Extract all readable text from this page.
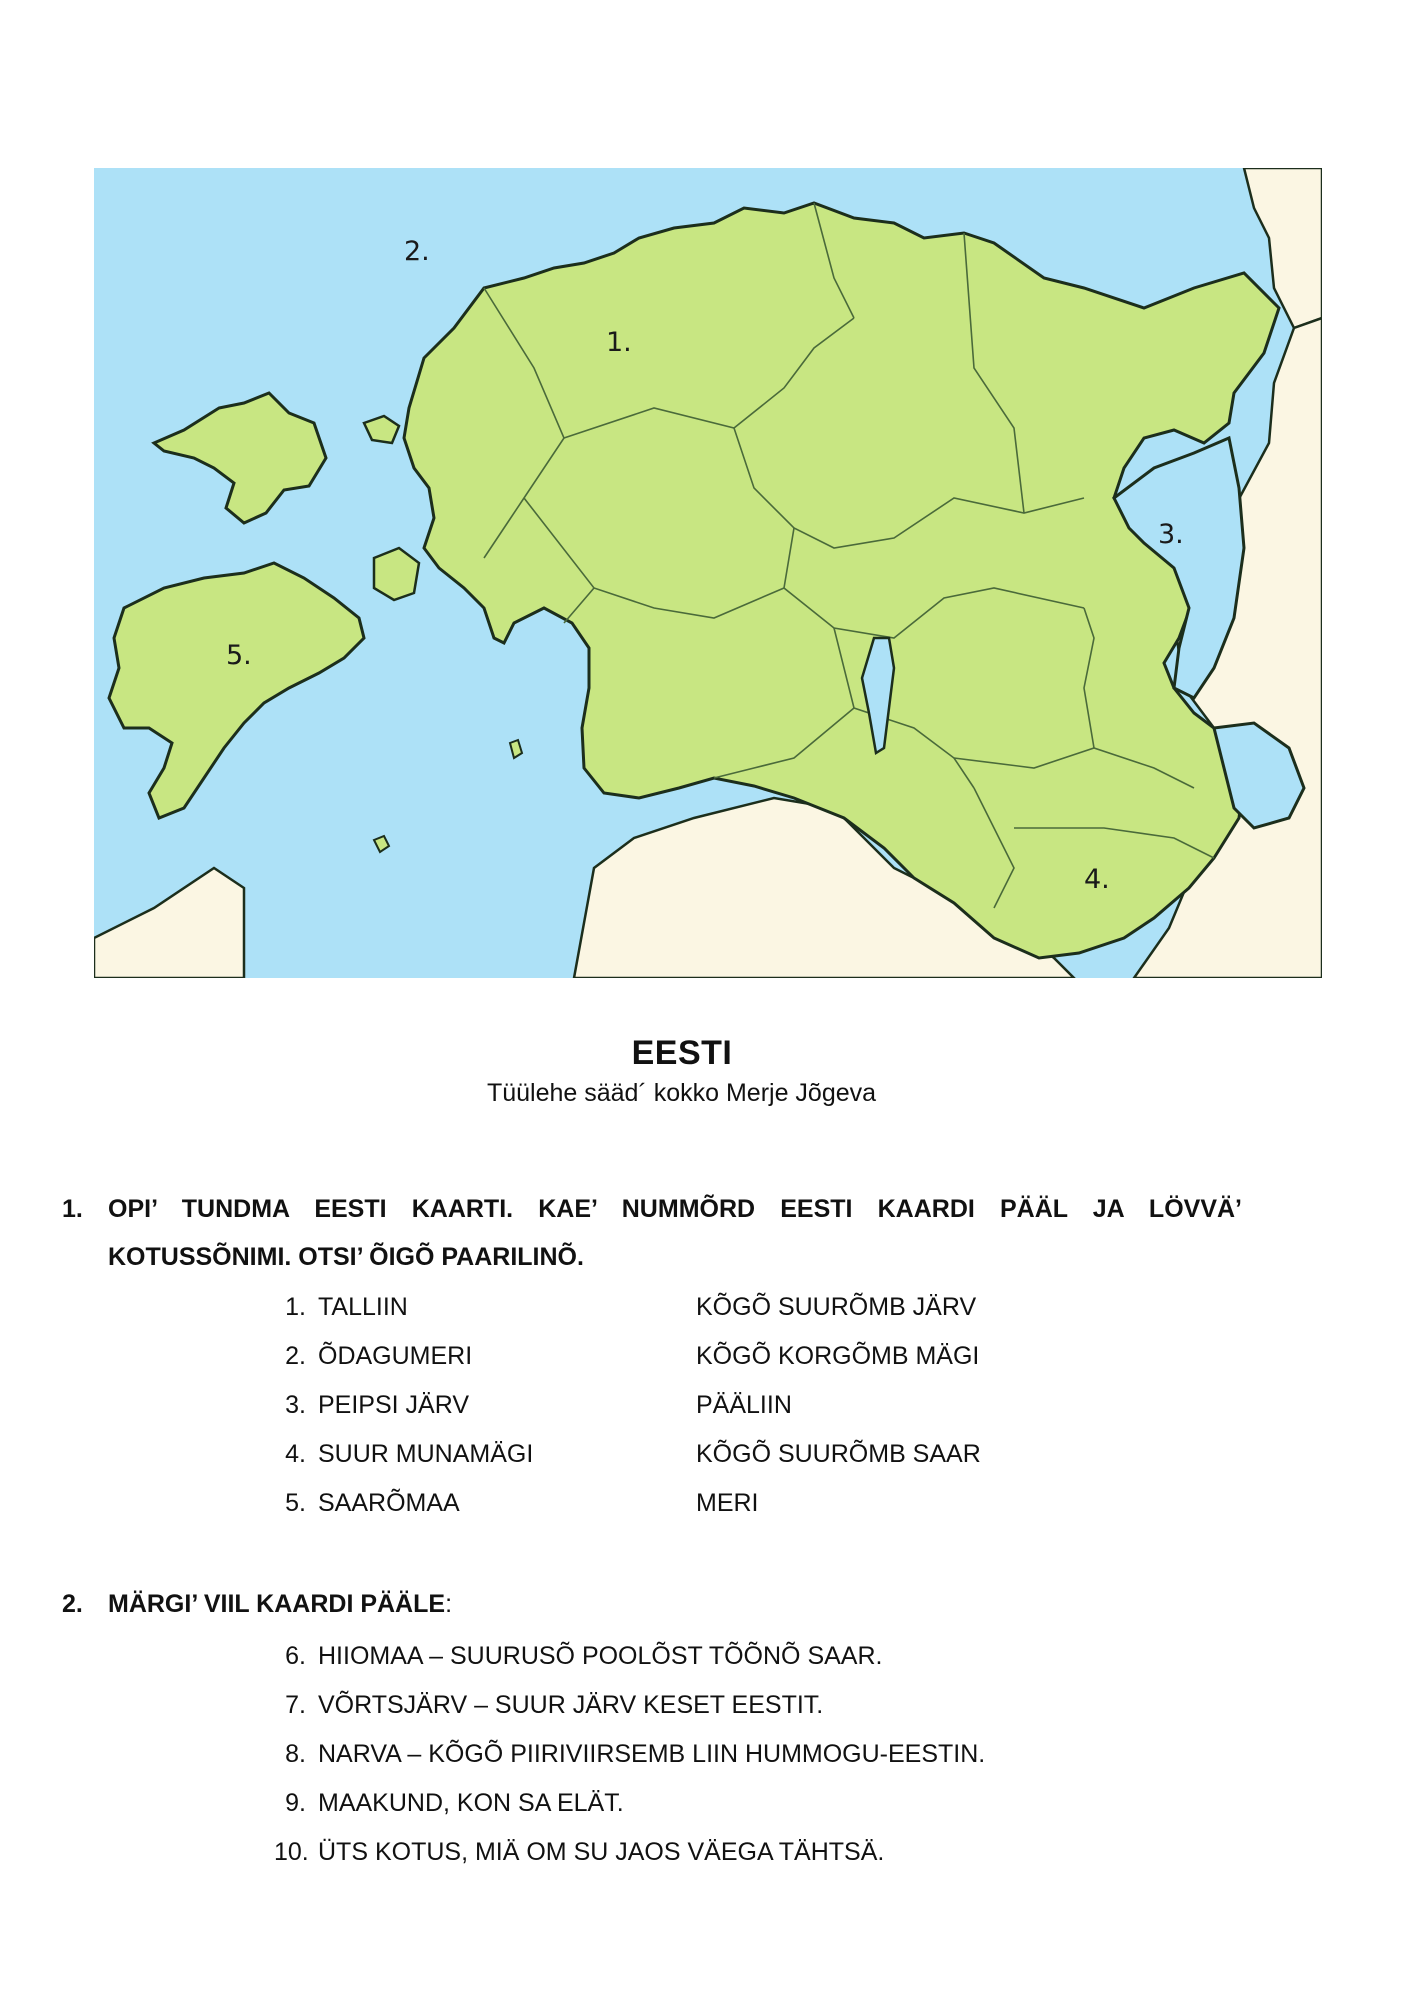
1.
2.
3.
4.
5.
EESTI
Tüülehe sääd´ kokko Merje Jõgeva
1.	OPI’ TUNDMA EESTI KAARTI. KAE’ NUMMÕRD EESTI KAARDI PÄÄL JA LÖVVÄ’
KOTUSSÕNIMI. OTSI’ ÕIGÕ PAARILINÕ.
1. TALLIIN	KÕGÕ SUURÕMB JÄRV
2. ÕDAGUMERI	KÕGÕ KORGÕMB MÄGI
3. PEIPSI JÄRV	PÄÄLIIN
4. SUUR MUNAMÄGI	KÕGÕ SUURÕMB SAAR
5. SAARÕMAA	MERI
2.	MÄRGI’ VIIL KAARDI PÄÄLE:
6. HIIOMAA – SUURUSÕ POOLÕST TÕÕNÕ SAAR.
7. VÕRTSJÄRV – SUUR JÄRV KESET EESTIT.
8. NARVA – KÕGÕ PIIRIVIIRSEMB LIIN HUMMOGU-EESTIN.
9. MAAKUND, KON SA ELÄT.
10. ÜTS KOTUS, MIÄ OM SU JAOS VÄEGA TÄHTSÄ.
